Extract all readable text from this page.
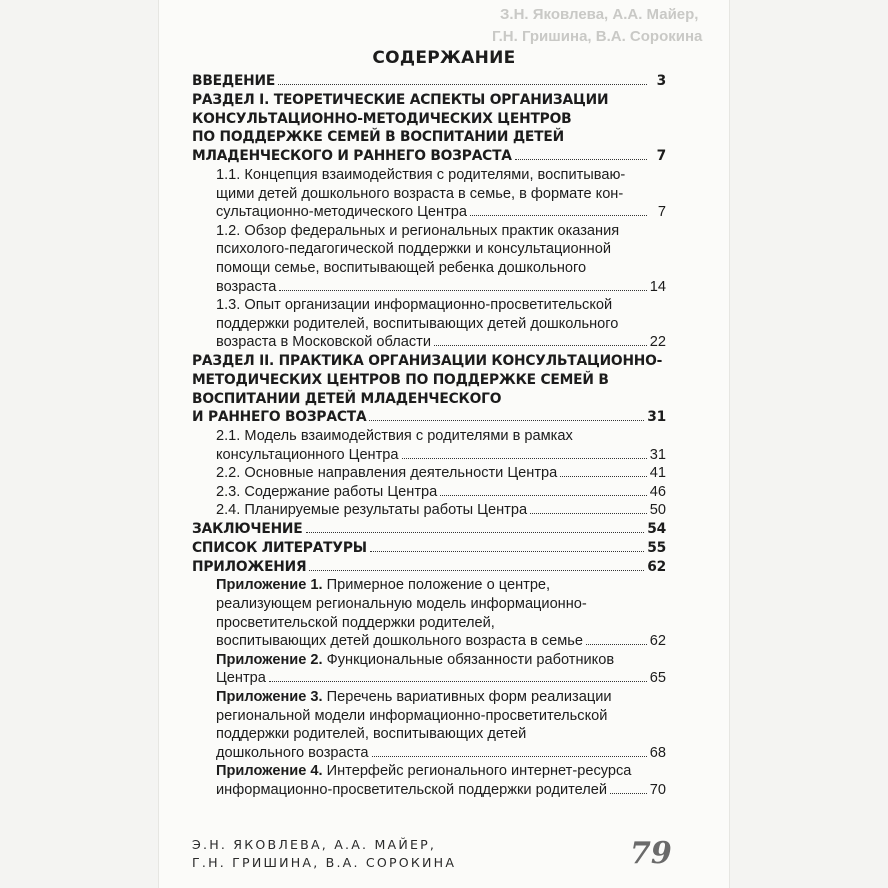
З.Н. Яковлева, А.А. Майер,
Г.Н. Гришина, В.А. Сорокина
СОДЕРЖАНИЕ
ВВЕДЕНИЕ	3
РАЗДЕЛ I. ТЕОРЕТИЧЕСКИЕ АСПЕКТЫ ОРГАНИЗАЦИИ
КОНСУЛЬТАЦИОННО-МЕТОДИЧЕСКИХ ЦЕНТРОВ
ПО ПОДДЕРЖКЕ СЕМЕЙ В ВОСПИТАНИИ ДЕТЕЙ
МЛАДЕНЧЕСКОГО И РАННЕГО ВОЗРАСТА	7
1.1. Концепция взаимодействия с родителями, воспитываю-
щими детей дошкольного возраста в семье, в формате кон-
сультационно-методического Центра	7
1.2. Обзор федеральных и региональных практик оказания
психолого-педагогической поддержки и консультационной
помощи семье, воспитывающей ребенка дошкольного
возраста	14
1.3. Опыт организации информационно-просветительской
поддержки родителей, воспитывающих детей дошкольного
возраста в Московской области	22
РАЗДЕЛ II. ПРАКТИКА ОРГАНИЗАЦИИ КОНСУЛЬТАЦИОННО-
МЕТОДИЧЕСКИХ ЦЕНТРОВ ПО ПОДДЕРЖКЕ СЕМЕЙ В
ВОСПИТАНИИ ДЕТЕЙ МЛАДЕНЧЕСКОГО
И РАННЕГО ВОЗРАСТА	31
2.1. Модель взаимодействия с родителями в рамках
консультационного Центра	31
2.2. Основные направления деятельности Центра	41
2.3. Содержание работы Центра	46
2.4. Планируемые результаты работы Центра	50
ЗАКЛЮЧЕНИЕ	54
СПИСОК ЛИТЕРАТУРЫ	55
ПРИЛОЖЕНИЯ	62
Приложение 1. Примерное положение о центре,
реализующем региональную модель информационно-
просветительской поддержки родителей,
воспитывающих детей дошкольного возраста в семье	62
Приложение 2. Функциональные обязанности работников
Центра	65
Приложение 3. Перечень вариативных форм реализации
региональной модели информационно-просветительской
поддержки родителей, воспитывающих детей
дошкольного возраста	68
Приложение 4. Интерфейс регионального интернет-ресурса
информационно-просветительской поддержки родителей	70
Э.Н. ЯКОВЛЕВА, А.А. МАЙЕР,
Г.Н. ГРИШИНА, В.А. СОРОКИНА	79
